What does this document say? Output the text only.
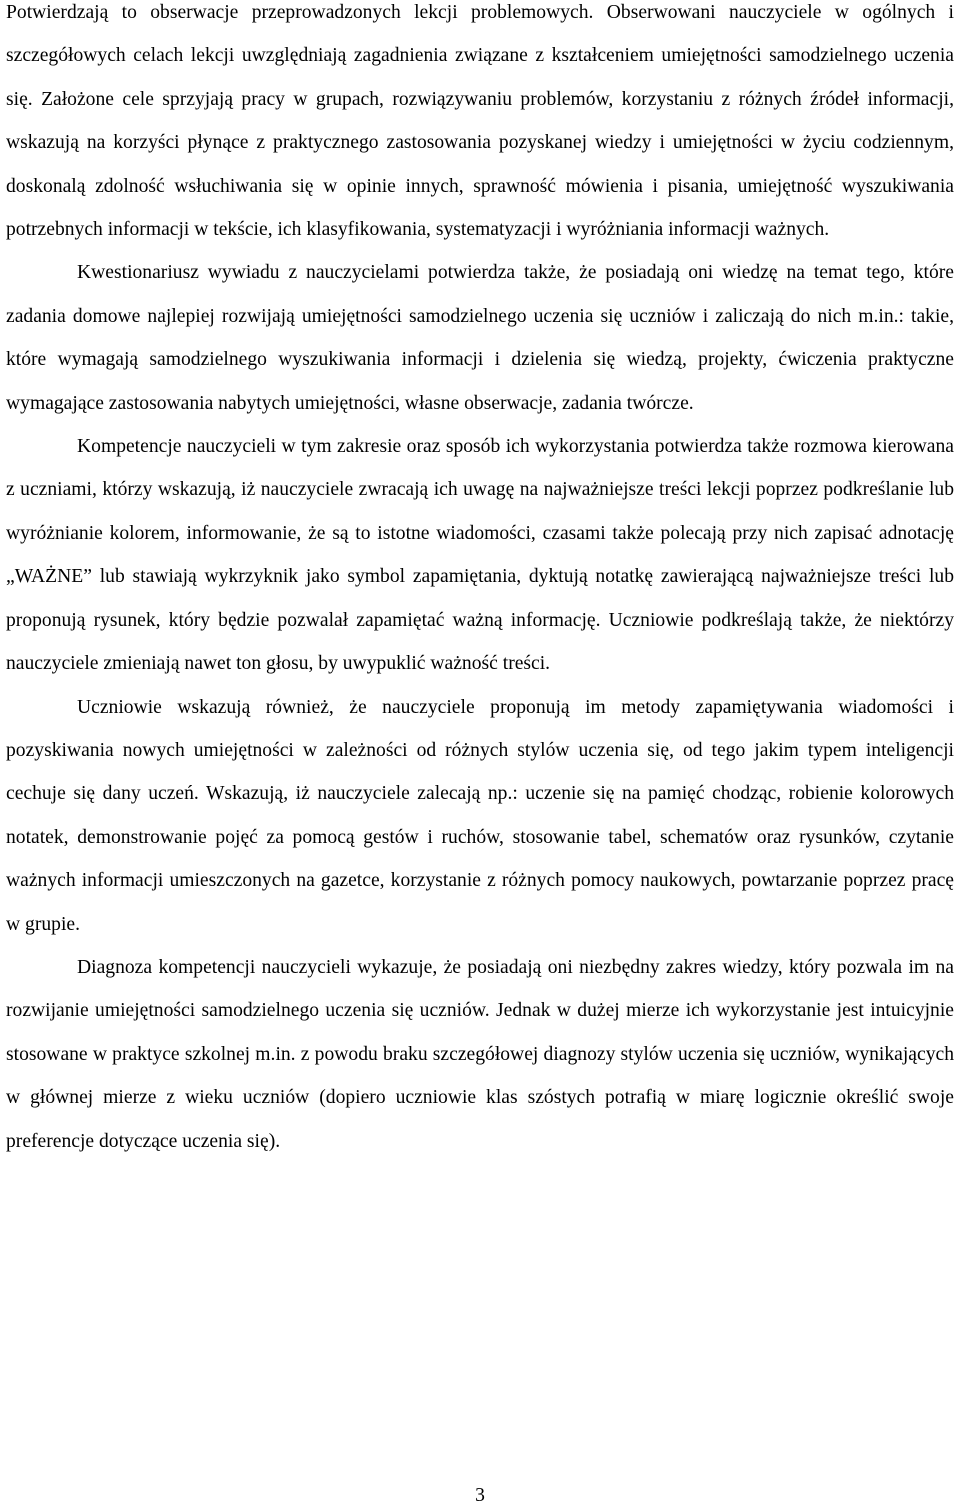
Potwierdzają to obserwacje przeprowadzonych lekcji problemowych. Obserwowani nauczyciele w ogólnych i szczegółowych celach lekcji uwzględniają zagadnienia związane z kształceniem umiejętności samodzielnego uczenia się. Założone cele sprzyjają pracy w grupach, rozwiązywaniu problemów, korzystaniu z różnych źródeł informacji, wskazują na korzyści płynące z praktycznego zastosowania pozyskanej wiedzy i umiejętności w życiu codziennym, doskonalą zdolność wsłuchiwania się w opinie innych, sprawność mówienia i pisania, umiejętność wyszukiwania potrzebnych informacji w tekście, ich klasyfikowania, systematyzacji i wyróżniania informacji ważnych.

Kwestionariusz wywiadu z nauczycielami potwierdza także, że posiadają oni wiedzę na temat tego, które zadania domowe najlepiej rozwijają umiejętności samodzielnego uczenia się uczniów i zaliczają do nich m.in.: takie, które wymagają samodzielnego wyszukiwania informacji i dzielenia się wiedzą, projekty, ćwiczenia praktyczne wymagające zastosowania nabytych umiejętności, własne obserwacje, zadania twórcze.

Kompetencje nauczycieli w tym zakresie oraz sposób ich wykorzystania potwierdza także rozmowa kierowana z uczniami, którzy wskazują, iż nauczyciele zwracają ich uwagę na najważniejsze treści lekcji poprzez podkreślanie lub wyróżnianie kolorem, informowanie, że są to istotne wiadomości, czasami także polecają przy nich zapisać adnotację „WAŻNE” lub stawiają wykrzyknik jako symbol zapamiętania, dyktują notatkę zawierającą najważniejsze treści lub proponują rysunek, który będzie pozwalał zapamiętać ważną informację. Uczniowie podkreślają także, że niektórzy nauczyciele zmieniają nawet ton głosu, by uwypuklić ważność treści.

Uczniowie wskazują również, że nauczyciele proponują im metody zapamiętywania wiadomości i pozyskiwania nowych umiejętności w zależności od różnych stylów uczenia się, od tego jakim typem inteligencji cechuje się dany uczeń. Wskazują, iż nauczyciele zalecają np.: uczenie się na pamięć chodząc, robienie kolorowych notatek, demonstrowanie pojęć za pomocą gestów i ruchów, stosowanie tabel, schematów oraz rysunków, czytanie ważnych informacji umieszczonych na gazetce, korzystanie z różnych pomocy naukowych, powtarzanie poprzez pracę w grupie.

Diagnoza kompetencji nauczycieli wykazuje, że posiadają oni niezbędny zakres wiedzy, który pozwala im na rozwijanie umiejętności samodzielnego uczenia się uczniów. Jednak w dużej mierze ich wykorzystanie jest intuicyjnie stosowane w praktyce szkolnej m.in. z powodu braku szczegółowej diagnozy stylów uczenia się uczniów, wynikających w głównej mierze z wieku uczniów (dopiero uczniowie klas szóstych potrafią w miarę logicznie określić swoje preferencje dotyczące uczenia się).

3
